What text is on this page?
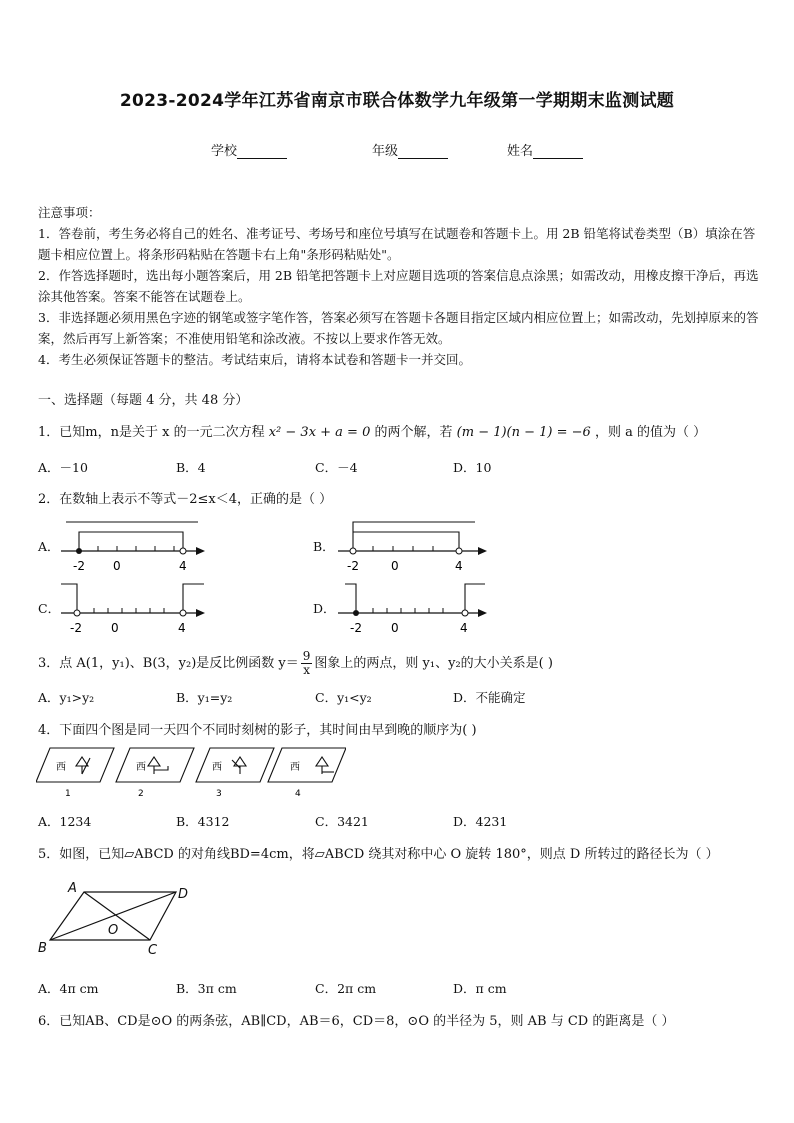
2023-2024学年江苏省南京市联合体数学九年级第一学期期末监测试题
学校	年级	姓名

注意事项：

1．答卷前，考生务必将自己的姓名、准考证号、考场号和座位号填写在试题卷和答题卡上。用 2B 铅笔将试卷类型（B）填涂在答题卡相应位置上。将条形码粘贴在答题卡右上角"条形码粘贴处"。

2．作答选择题时，选出每小题答案后，用 2B 铅笔把答题卡上对应题目选项的答案信息点涂黑；如需改动，用橡皮擦干净后，再选涂其他答案。答案不能答在试题卷上。

3．非选择题必须用黑色字迹的钢笔或签字笔作答，答案必须写在答题卡各题目指定区域内相应位置上；如需改动，先划掉原来的答案，然后再写上新答案；不准使用铅笔和涂改液。不按以上要求作答无效。

4．考生必须保证答题卡的整洁。考试结束后，请将本试卷和答题卡一并交回。

一、选择题（每题 4 分，共 48 分）
1．已知m，n是关于 x 的一元二次方程 x² − 3x + a = 0 的两个解，若 (m − 1)(n − 1) = −6 ，则 a 的值为（ ）
A．－10	B．4	C．－4	D．10
2．在数轴上表示不等式－2≤x＜4，正确的是（ ）
A．
-2 0	4
B．
-2	0	4
C．
-2 0	4
D．
-2 0	4
3．点 A(1，y₁)、B(3，y₂)是反比例函数 $y= \frac{9}{x}$ 图象上的两点，则 y₁、y₂的大小关系是( )
A．y₁>y₂	B．y₁=y₂	C．y₁<y₂	D．不能确定
4．下面四个图是同一天四个不同时刻树的影子，其时间由早到晚的顺序为( )
西	西	西	西
1	2	3	4
A．1234	B．4312	C．3421	D．4231
5．如图，已知▱ABCD 的对角线BD=4cm，将▱ABCD 绕其对称中心 O 旋转 180°，则点 D 所转过的路径长为（ ）
A	D
B	C
O
A．4π cm	B．3π cm	C．2π cm	D．π cm
6．已知AB、CD是⊙O 的两条弦，AB∥CD，AB＝6，CD＝8，⊙O 的半径为 5，则 AB 与 CD 的距离是（ ）
